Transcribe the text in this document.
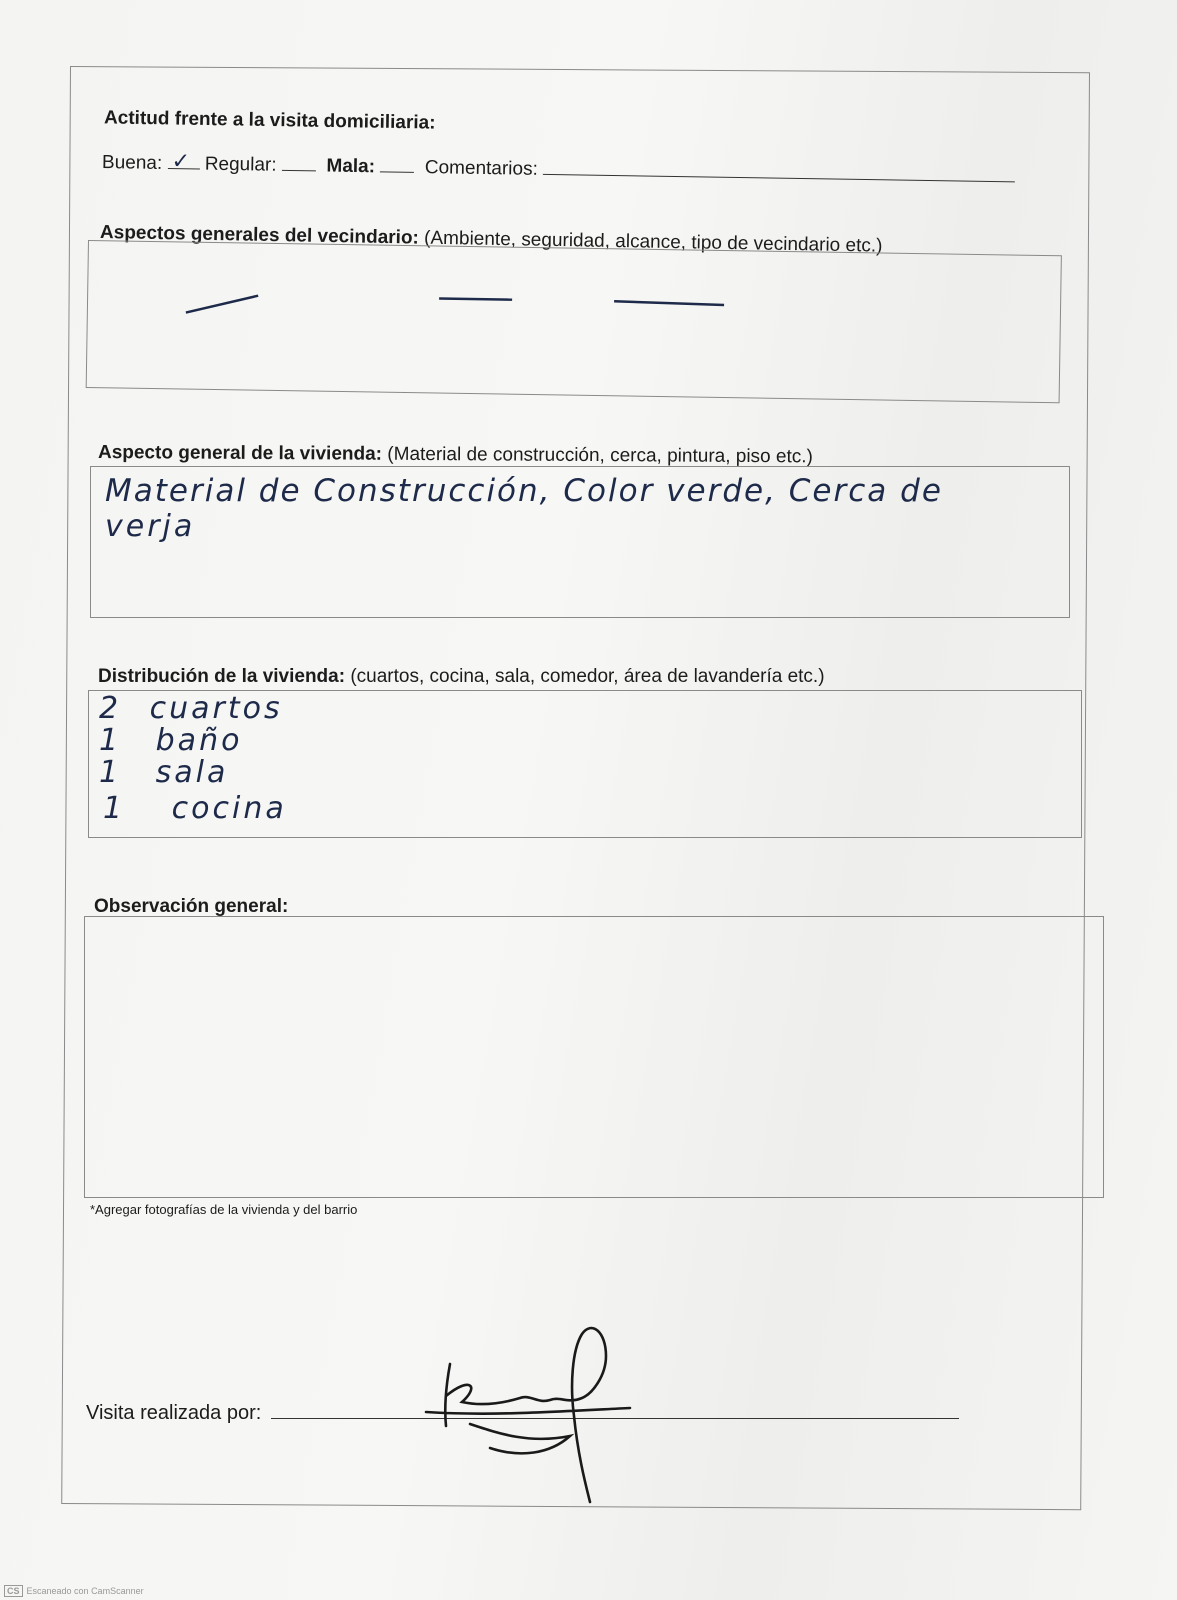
Actitud frente a la visita domiciliaria:
Buena: ✓ Regular:	Mala:	Comentarios:
Aspectos generales del vecindario: (Ambiente, seguridad, alcance, tipo de vecindario etc.)
Aspecto general de la vivienda: (Material de construcción, cerca, pintura, piso etc.)
Material de Construcción, Color verde, Cerca de
verja
Distribución de la vivienda: (cuartos, cocina, sala, comedor, área de lavandería etc.)
2 cuartos
1 baño
1 sala
1 cocina
Observación general:
*Agregar fotografías de la vivienda y del barrio
Visita realizada por:
CS Escaneado con CamScanner
